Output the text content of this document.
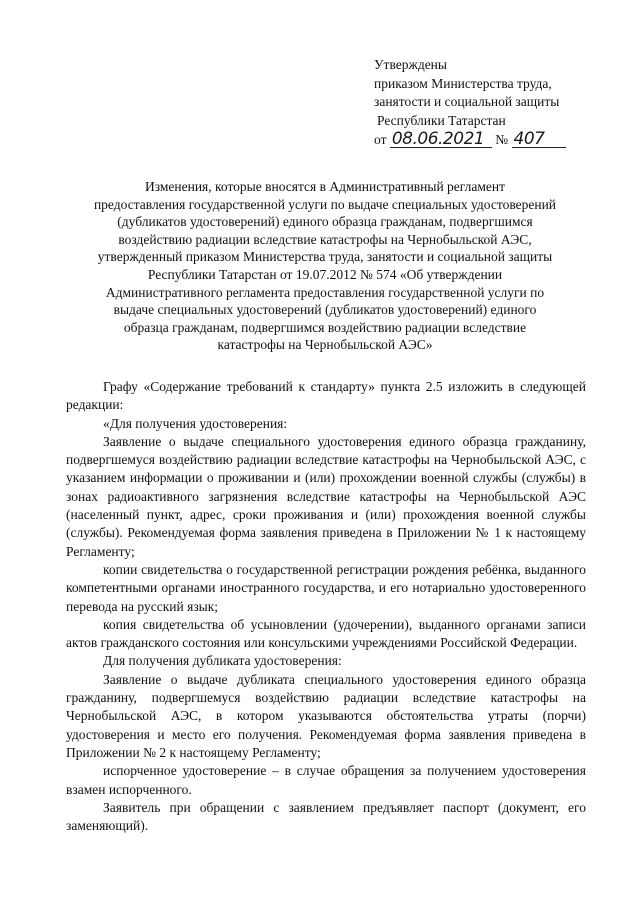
Утверждены
приказом Министерства труда,
занятости и социальной защиты
Республики Татарстан
от 08.06.2021 № 407
Изменения, которые вносятся в Административный регламент
предоставления государственной услуги по выдаче специальных удостоверений
(дубликатов удостоверений) единого образца гражданам, подвергшимся
воздействию радиации вследствие катастрофы на Чернобыльской АЭС,
утвержденный приказом Министерства труда, занятости и социальной защиты
Республики Татарстан от 19.07.2012 № 574 «Об утверждении
Административного регламента предоставления государственной услуги по
выдаче специальных удостоверений (дубликатов удостоверений) единого
образца гражданам, подвергшимся воздействию радиации вследствие
катастрофы на Чернобыльской АЭС»

Графу «Содержание требований к стандарту» пункта 2.5 изложить в следующей редакции:

«Для получения удостоверения:

Заявление о выдаче специального удостоверения единого образца гражданину, подвергшемуся воздействию радиации вследствие катастрофы на Чернобыльской АЭС, с указанием информации о проживании и (или) прохождении военной службы (службы) в зонах радиоактивного загрязнения вследствие катастрофы на Чернобыльской АЭС (населенный пункт, адрес, сроки проживания и (или) прохождения военной службы (службы). Рекомендуемая форма заявления приведена в Приложении № 1 к настоящему Регламенту;

копии свидетельства о государственной регистрации рождения ребёнка, выданного компетентными органами иностранного государства, и его нотариально удостоверенного перевода на русский язык;

копия свидетельства об усыновлении (удочерении), выданного органами записи актов гражданского состояния или консульскими учреждениями Российской Федерации.

Для получения дубликата удостоверения:

Заявление о выдаче дубликата специального удостоверения единого образца гражданину, подвергшемуся воздействию радиации вследствие катастрофы на Чернобыльской АЭС, в котором указываются обстоятельства утраты (порчи) удостоверения и место его получения. Рекомендуемая форма заявления приведена в Приложении № 2 к настоящему Регламенту;

испорченное удостоверение – в случае обращения за получением удостоверения взамен испорченного.

Заявитель при обращении с заявлением предъявляет паспорт (документ, его заменяющий).
